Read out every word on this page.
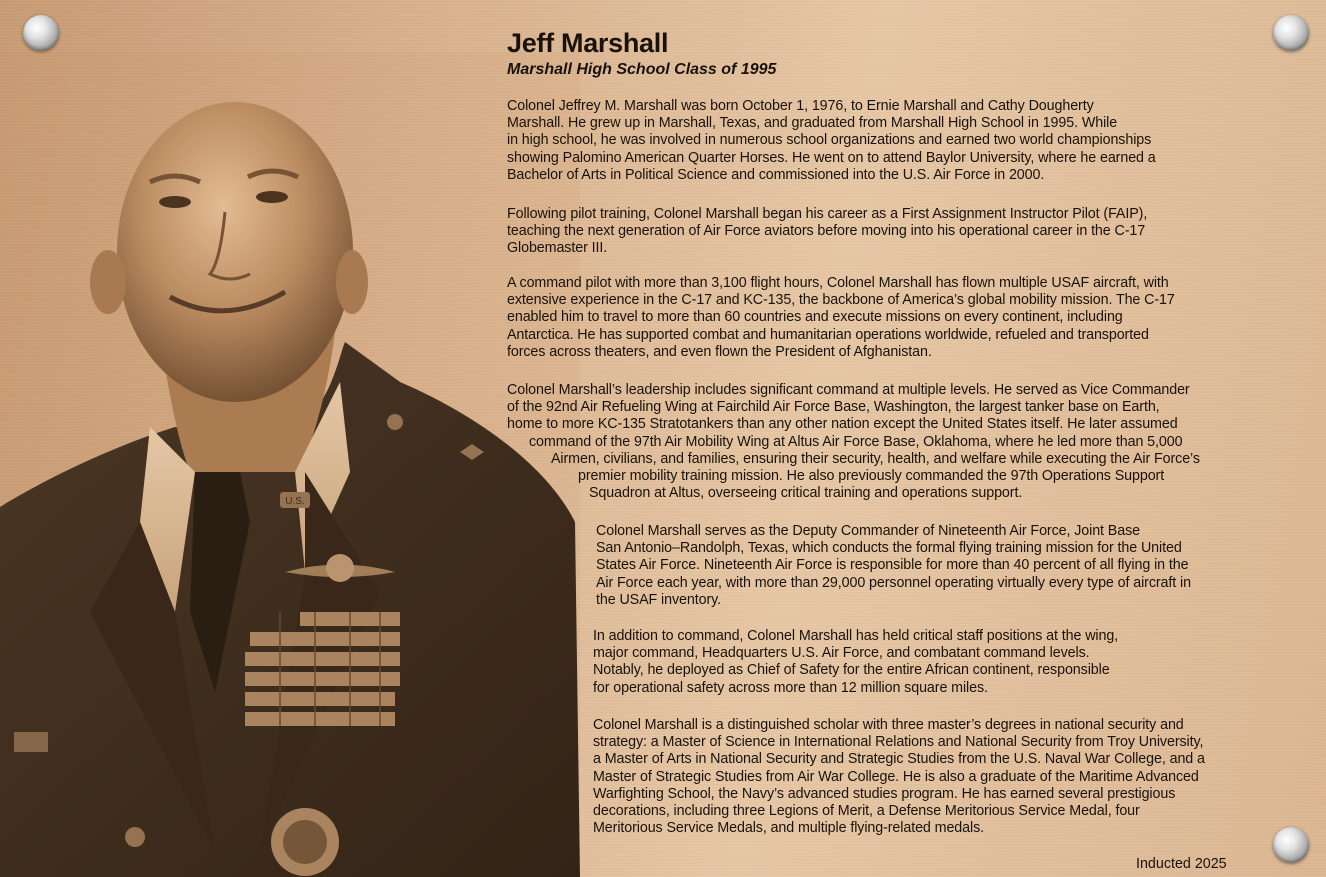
U.S.
Jeff Marshall
Marshall High School Class of 1995
Colonel Jeffrey M. Marshall was born October 1, 1976, to Ernie Marshall and Cathy Dougherty
Marshall. He grew up in Marshall, Texas, and graduated from Marshall High School in 1995. While
in high school, he was involved in numerous school organizations and earned two world championships
showing Palomino American Quarter Horses. He went on to attend Baylor University, where he earned a
Bachelor of Arts in Political Science and commissioned into the U.S. Air Force in 2000.
Following pilot training, Colonel Marshall began his career as a First Assignment Instructor Pilot (FAIP),
teaching the next generation of Air Force aviators before moving into his operational career in the C-17
Globemaster III.
A command pilot with more than 3,100 flight hours, Colonel Marshall has flown multiple USAF aircraft, with
extensive experience in the C-17 and KC-135, the backbone of America’s global mobility mission. The C-17
enabled him to travel to more than 60 countries and execute missions on every continent, including
Antarctica. He has supported combat and humanitarian operations worldwide, refueled and transported
forces across theaters, and even flown the President of Afghanistan.
Colonel Marshall’s leadership includes significant command at multiple levels. He served as Vice Commander
of the 92nd Air Refueling Wing at Fairchild Air Force Base, Washington, the largest tanker base on Earth,
home to more KC-135 Stratotankers than any other nation except the United States itself. He later assumed
command of the 97th Air Mobility Wing at Altus Air Force Base, Oklahoma, where he led more than 5,000
Airmen, civilians, and families, ensuring their security, health, and welfare while executing the Air Force’s
premier mobility training mission. He also previously commanded the 97th Operations Support
Squadron at Altus, overseeing critical training and operations support.
Colonel Marshall serves as the Deputy Commander of Nineteenth Air Force, Joint Base
San Antonio–Randolph, Texas, which conducts the formal flying training mission for the United
States Air Force. Nineteenth Air Force is responsible for more than 40 percent of all flying in the
Air Force each year, with more than 29,000 personnel operating virtually every type of aircraft in
the USAF inventory.
In addition to command, Colonel Marshall has held critical staff positions at the wing,
major command, Headquarters U.S. Air Force, and combatant command levels.
Notably, he deployed as Chief of Safety for the entire African continent, responsible
for operational safety across more than 12 million square miles.
Colonel Marshall is a distinguished scholar with three master’s degrees in national security and
strategy: a Master of Science in International Relations and National Security from Troy University,
a Master of Arts in National Security and Strategic Studies from the U.S. Naval War College, and a
Master of Strategic Studies from Air War College. He is also a graduate of the Maritime Advanced
Warfighting School, the Navy’s advanced studies program. He has earned several prestigious
decorations, including three Legions of Merit, a Defense Meritorious Service Medal, four
Meritorious Service Medals, and multiple flying-related medals.
Inducted 2025
